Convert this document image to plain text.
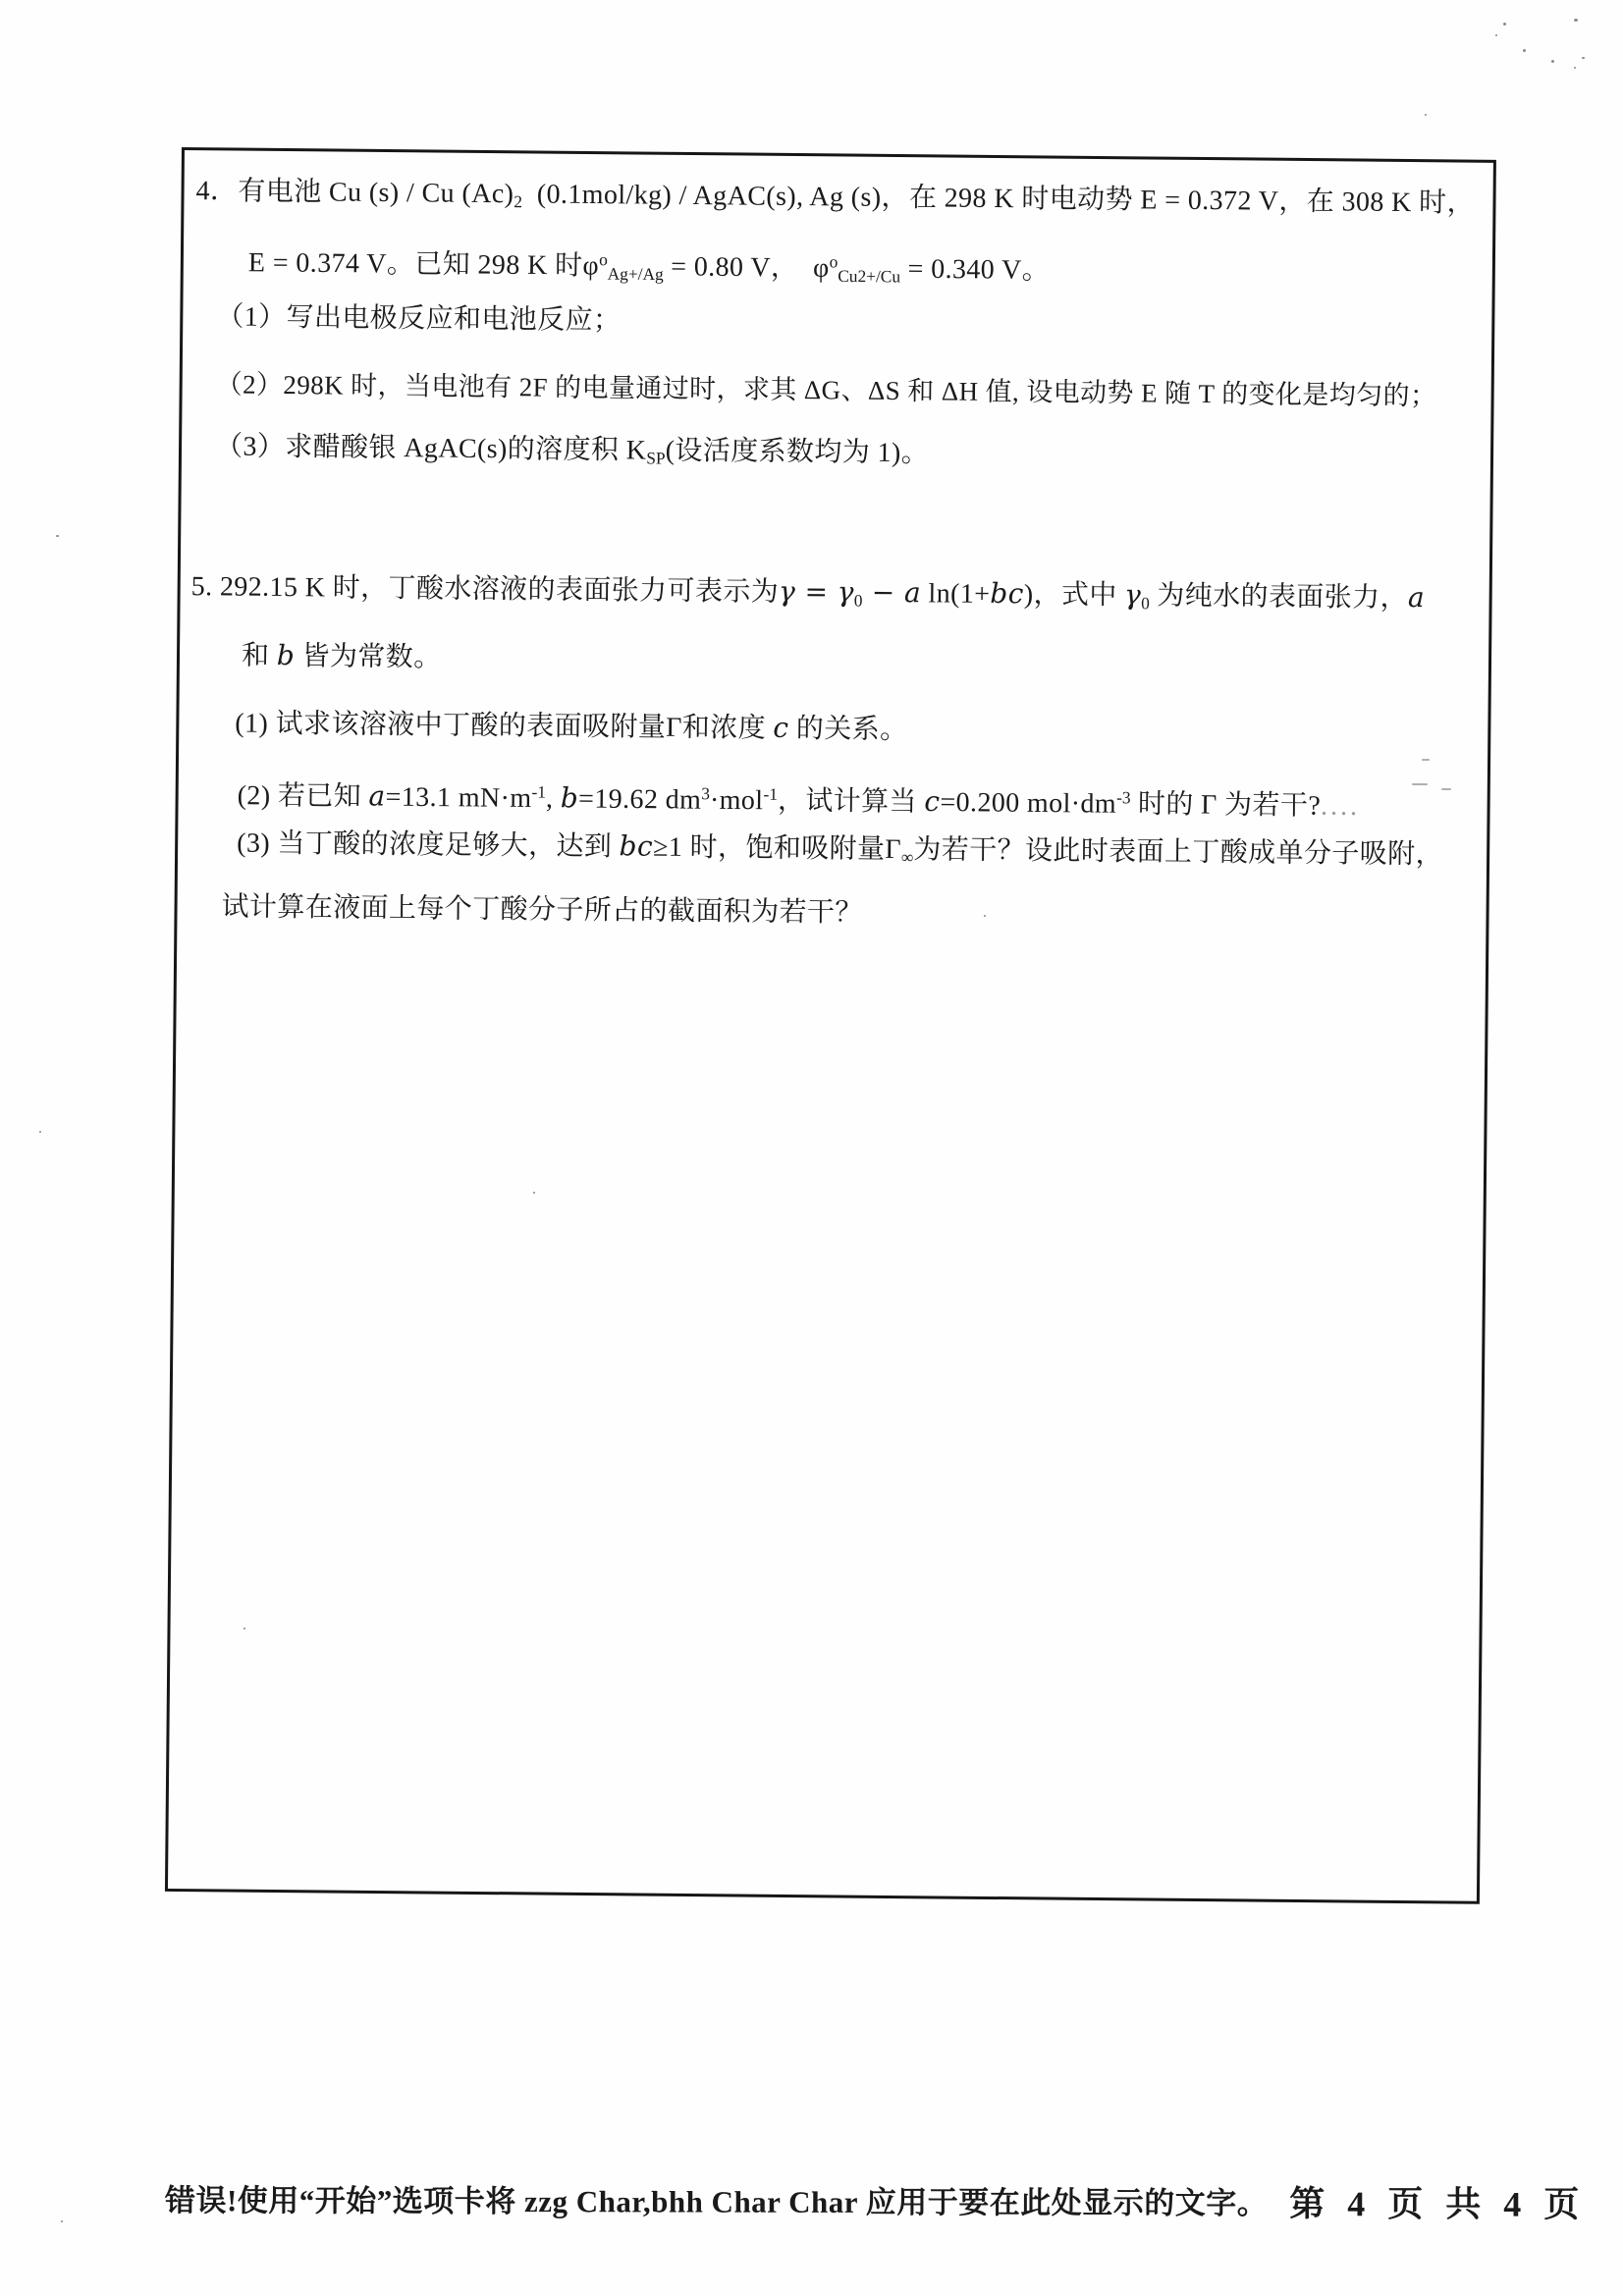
4．有电池 Cu (s) / Cu $(Ac)_2$  (0.1mol/kg) / AgAC(s), Ag (s)，在 298 K 时电动势 E = 0.372 V，在 308 K 时，
E = 0.374 V。已知 298 K 时$\varphi^o_{Ag+/Ag} = 0.80$ V，  $\varphi^o_{Cu2+/Cu} = 0.340$ V。
（1）写出电极反应和电池反应；
（2）298K 时，当电池有 2F 的电量通过时，求其 ΔG、ΔS 和 ΔH 值, 设电动势 E 随 T 的变化是均匀的；
（3）求醋酸银 AgAC(s)的溶度积 $K_{SP}$(设活度系数均为 1)。
5. 292.15 K 时，丁酸水溶液的表面张力可表示为$\gamma = \gamma_0 - a$ ln(1+bc)，式中 $\gamma_0$ 为纯水的表面张力，a
和 b 皆为常数。
(1) 试求该溶液中丁酸的表面吸附量Γ和浓度 c 的关系。
(2) 若已知 a=13.1 $mN\cdot m^{-1}$, b=19.62 $dm^3\cdot mol^{-1}$，试计算当 c=0.200 $mol\cdot dm^{-3}$ 时的 Γ 为若干?....
(3) 当丁酸的浓度足够大，达到 bc≥1 时，饱和吸附量$\Gamma_\infty$为若干？设此时表面上丁酸成单分子吸附，
试计算在液面上每个丁酸分子所占的截面积为若干？

错误!使用“开始”选项卡将 zzg Char,bhh Char Char 应用于要在此处显示的文字。 第 4 页 共 4 页
